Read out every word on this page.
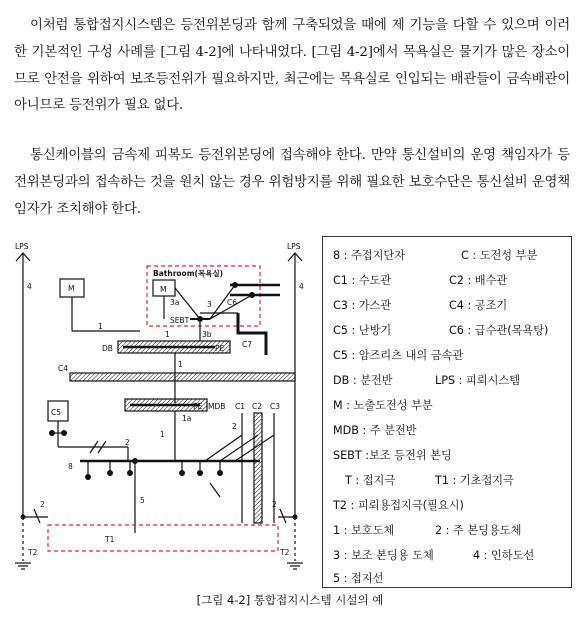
이처럼 통합접지시스템은 등전위본딩과 함께 구축되었을 때에 제 기능을 다할 수 있으며 이러한 기본적인 구성 사례를 [그림 4-2]에 나타내었다. [그림 4-2]에서 목욕실은 물기가 많은 장소이므로 안전을 위하여 보조등전위가 필요하지만, 최근에는 목욕실로 인입되는 배관들이 금속배관이 아니므로 등전위가 필요 없다.

통신케이블의 금속제 피복도 등전위본딩에 접속해야 한다. 만약 통신설비의 운영 책임자가 등전위본딩과의 접속하는 것을 원치 않는 경우 위험방지를 위해 필요한 보호수단은 통신설비 운영책임자가 조치해야 한다.

LPS	LPS
4	4
M	M
Bathroom(목욕실)
3a	3
SEBT
C6
C7
3b
1
1
DB	PE
1
C4
MDB
PE
1a
1
C5
C1 C2 C3
2
2
8
5
2	2
T1
T2	T2
8 : 주접지단자	C : 도전성 부분
C1 : 수도관	C2 : 배수관
C3 : 가스관	C4 : 공조기
C5 : 난방기	C6 : 급수관(목욕탕)
C5 : 암즈리츠 내의 금속관
DB : 분전반	LPS : 피뢰시스템
M : 노출도전성 부분
MDB : 주 분전반
SEBT :보조 등전위 본딩
T : 접지극	T1 : 기초접지극
T2 : 피뢰용접지극(필요시)
1 : 보호도체	2 : 주 본딩용도체
3 : 보조 본딩용 도체	4 : 인하도선
5 : 접지선
[그림 4-2] 통합접지시스템 시설의 예
